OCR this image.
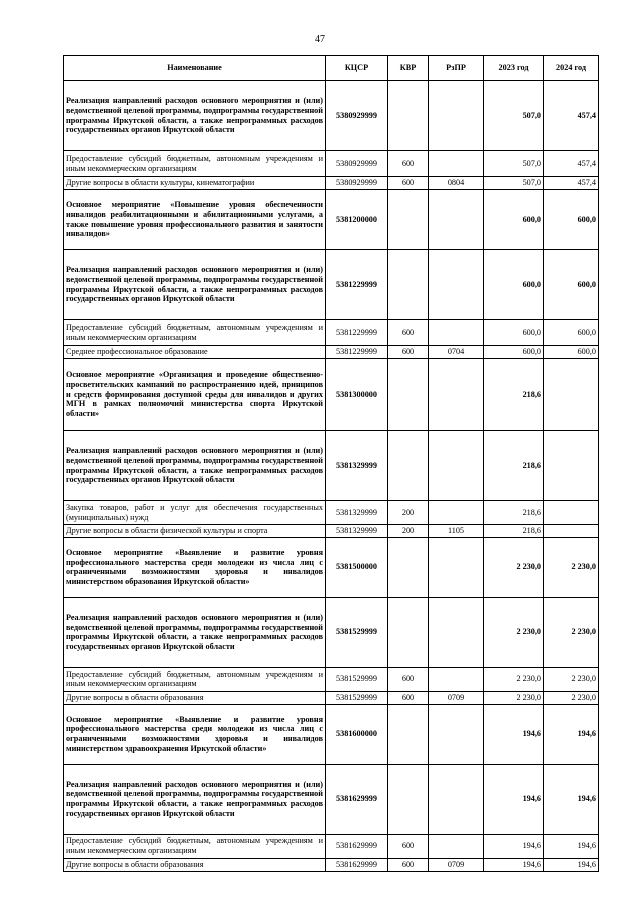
47
Наименование	КЦСР	КВР	РзПР	2023 год	2024 год
Реализация направлений расходов основного мероприятия и (или) ведомственной целевой программы, подпрограммы государственной программы Иркутской области, а также непрограммных расходов государственных органов Иркутской области	5380929999			507,0	457,4
Предоставление субсидий бюджетным, автономным учреждениям и иным некоммерческим организациям	5380929999	600		507,0	457,4
Другие вопросы в области культуры, кинематографии	5380929999	600	0804	507,0	457,4
Основное мероприятие «Повышение уровня обеспеченности инвалидов реабилитационными и абилитационными услугами, а также повышение уровня профессионального развития и занятости инвалидов»	5381200000			600,0	600,0
Реализация направлений расходов основного мероприятия и (или) ведомственной целевой программы, подпрограммы государственной программы Иркутской области, а также непрограммных расходов государственных органов Иркутской области	5381229999			600,0	600,0
Предоставление субсидий бюджетным, автономным учреждениям и иным некоммерческим организациям	5381229999	600		600,0	600,0
Среднее профессиональное образование	5381229999	600	0704	600,0	600,0
Основное мероприятие «Организация и проведение общественно-просветительских кампаний по распространению идей, принципов и средств формирования доступной среды для инвалидов и других МГН в рамках полномочий министерства спорта Иркутской области»	5381300000			218,6	
Реализация направлений расходов основного мероприятия и (или) ведомственной целевой программы, подпрограммы государственной программы Иркутской области, а также непрограммных расходов государственных органов Иркутской области	5381329999			218,6	
Закупка товаров, работ и услуг для обеспечения государственных (муниципальных) нужд	5381329999	200		218,6	
Другие вопросы в области физической культуры и спорта	5381329999	200	1105	218,6	
Основное мероприятие «Выявление и развитие уровня профессионального мастерства среди молодежи из числа лиц с ограниченными возможностями здоровья и инвалидов министерством образования Иркутской области»	5381500000			2 230,0	2 230,0
Реализация направлений расходов основного мероприятия и (или) ведомственной целевой программы, подпрограммы государственной программы Иркутской области, а также непрограммных расходов государственных органов Иркутской области	5381529999			2 230,0	2 230,0
Предоставление субсидий бюджетным, автономным учреждениям и иным некоммерческим организациям	5381529999	600		2 230,0	2 230,0
Другие вопросы в области образования	5381529999	600	0709	2 230,0	2 230,0
Основное мероприятие «Выявление и развитие уровня профессионального мастерства среди молодежи из числа лиц с ограниченными возможностями здоровья и инвалидов министерством здравоохранения Иркутской области»	5381600000			194,6	194,6
Реализация направлений расходов основного мероприятия и (или) ведомственной целевой программы, подпрограммы государственной программы Иркутской области, а также непрограммных расходов государственных органов Иркутской области	5381629999			194,6	194,6
Предоставление субсидий бюджетным, автономным учреждениям и иным некоммерческим организациям	5381629999	600		194,6	194,6
Другие вопросы в области образования	5381629999	600	0709	194,6	194,6
